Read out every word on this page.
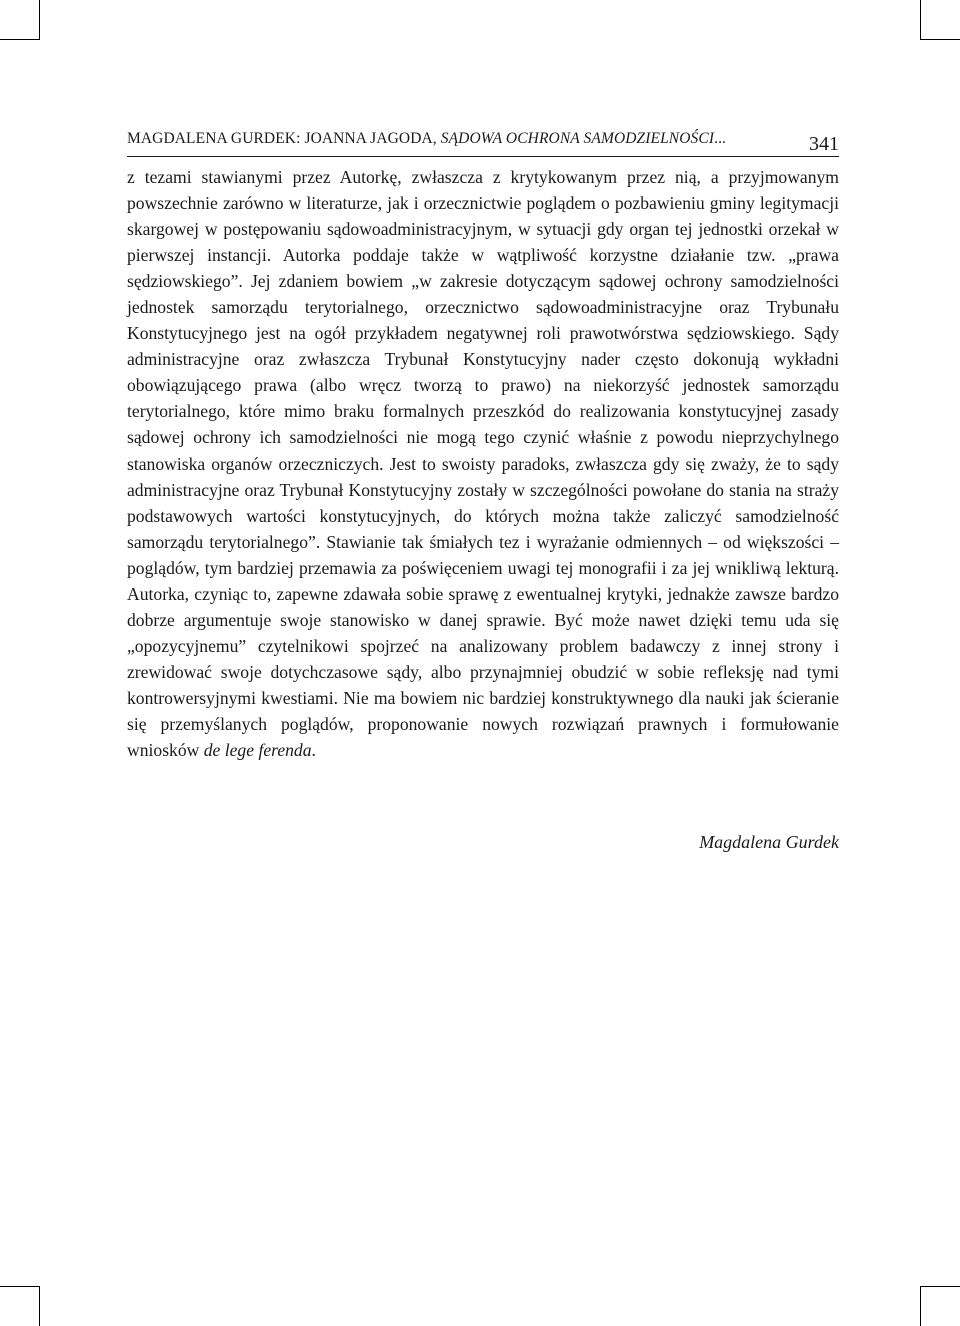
MAGDALENA GURDEK: JOANNA JAGODA, SĄDOWA OCHRONA SAMODZIELNOŚCI...	341

z tezami stawianymi przez Autorkę, zwłaszcza z krytykowanym przez nią, a przyjmowanym powszechnie zarówno w literaturze, jak i orzecznictwie poglądem o pozbawieniu gminy legitymacji skargowej w postępowaniu sądowoadministracyjnym, w sytuacji gdy organ tej jednostki orzekał w pierwszej instancji. Autorka poddaje także w wątpliwość korzystne działanie tzw. „prawa sędziowskiego”. Jej zdaniem bowiem „w zakresie dotyczącym sądowej ochrony samodzielności jednostek samorządu terytorialnego, orzecznictwo sądowoadministracyjne oraz Trybunału Konstytucyjnego jest na ogół przykładem negatywnej roli prawotwórstwa sędziowskiego. Sądy administracyjne oraz zwłaszcza Trybunał Konstytucyjny nader często dokonują wykładni obowiązującego prawa (albo wręcz tworzą to prawo) na niekorzyść jednostek samorządu terytorialnego, które mimo braku formalnych przeszkód do realizowania konstytucyjnej zasady sądowej ochrony ich samodzielności nie mogą tego czynić właśnie z powodu nieprzychylnego stanowiska organów orzeczniczych. Jest to swoisty paradoks, zwłaszcza gdy się zważy, że to sądy administracyjne oraz Trybunał Konstytucyjny zostały w szczególności powołane do stania na straży podstawowych wartości konstytucyjnych, do których można także zaliczyć samodzielność samorządu terytorialnego”. Stawianie tak śmiałych tez i wyrażanie odmiennych – od większości – poglądów, tym bardziej przemawia za poświęceniem uwagi tej monografii i za jej wnikliwą lekturą. Autorka, czyniąc to, zapewne zdawała sobie sprawę z ewentualnej krytyki, jednakże zawsze bardzo dobrze argumentuje swoje stanowisko w danej sprawie. Być może nawet dzięki temu uda się „opozycyjnemu” czytelnikowi spojrzeć na analizowany problem badawczy z innej strony i zrewidować swoje dotychczasowe sądy, albo przynajmniej obudzić w sobie refleksję nad tymi kontrowersyjnymi kwestiami. Nie ma bowiem nic bardziej konstruktywnego dla nauki jak ścieranie się przemyślanych poglądów, proponowanie nowych rozwiązań prawnych i formułowanie wniosków de lege ferenda.

Magdalena Gurdek
